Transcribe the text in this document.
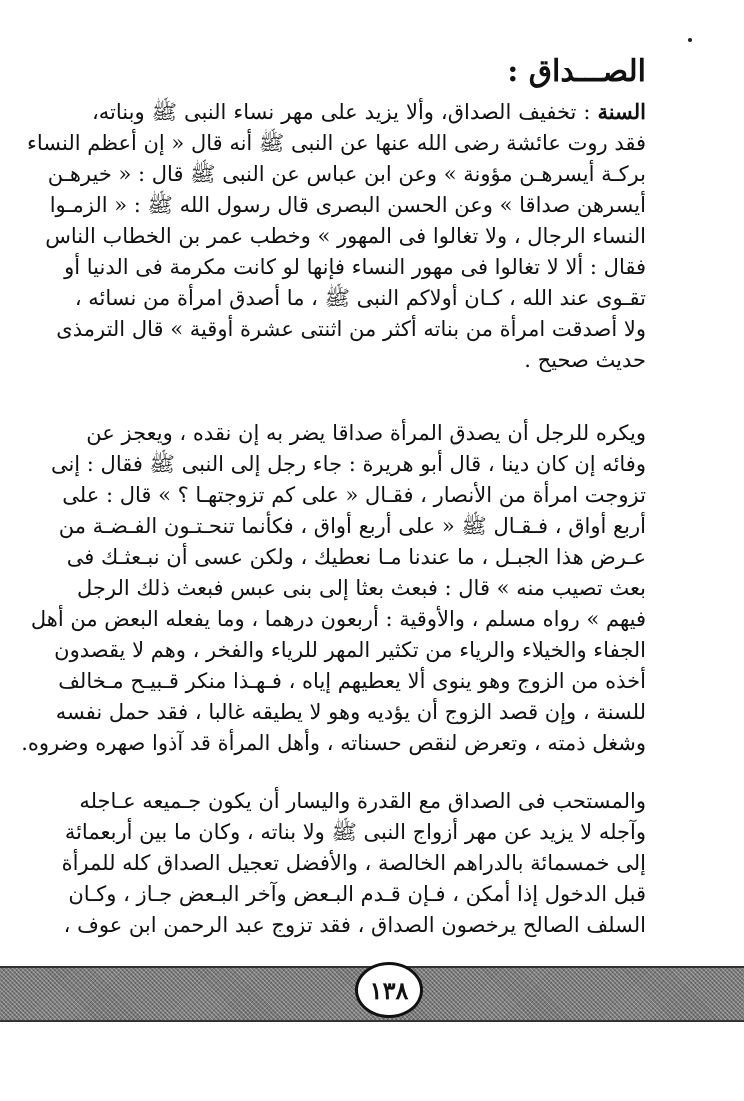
الصـــداق :
السنة : تخفيف الصداق، وألا يزيد على مهر نساء النبى ﷺ وبناته،
فقد روت عائشة رضى الله عنها عن النبى ﷺ أنه قال « إن أعظم النساء
بركـة أيسرهـن مؤونة » وعن ابن عباس عن النبى ﷺ قال : « خيرهـن
أيسرهن صداقا » وعن الحسن البصرى قال رسول الله ﷺ : « الزمـوا
النساء الرجال ، ولا تغالوا فى المهور » وخطب عمر بن الخطاب الناس
فقال : ألا لا تغالوا فى مهور النساء فإنها لو كانت مكرمة فى الدنيا أو
تقـوى عند الله ، كـان أولاكم النبى ﷺ ، ما أصدق امرأة من نسائه ،
ولا أصدقت امرأة من بناته أكثر من اثنتى عشرة أوقية » قال الترمذى
حديث صحيح .
ويكره للرجل أن يصدق المرأة صداقا يضر به إن نقده ، ويعجز عن
وفائه إن كان دينا ، قال أبو هريرة : جاء رجل إلى النبى ﷺ فقال : إنى
تزوجت امرأة من الأنصار ، فقـال « على كم تزوجتهـا ؟ » قال : على
أربع أواق ، فـقـال ﷺ « على أربع أواق ، فكأنما تنحـتـون الفـضـة من
عـرض هذا الجبـل ، ما عندنا مـا نعطيك ، ولكن عسى أن نبـعثـك فى
بعث تصيب منه » قال : فبعث بعثا إلى بنى عبس فبعث ذلك الرجل
فيهم » رواه مسلم ، والأوقية : أربعون درهما ، وما يفعله البعض من أهل
الجفاء والخيلاء والرياء من تكثير المهر للرياء والفخر ، وهم لا يقصدون
أخذه من الزوج وهو ينوى ألا يعطيهم إياه ، فـهـذا منكر قـبيـح مـخالف
للسنة ، وإن قصد الزوج أن يؤديه وهو لا يطيقه غالبا ، فقد حمل نفسه
وشغل ذمته ، وتعرض لنقص حسناته ، وأهل المرأة قد آذوا صهره وضروه.
والمستحب فى الصداق مع القدرة واليسار أن يكون جـميعه عـاجله
وآجله لا يزيد عن مهر أزواج النبى ﷺ ولا بناته ، وكان ما بين أربعمائة
إلى خمسمائة بالدراهم الخالصة ، والأفضل تعجيل الصداق كله للمرأة
قبل الدخول إذا أمكن ، فـإن قـدم البـعض وآخر البـعض جـاز ، وكـان
السلف الصالح يرخصون الصداق ، فقد تزوج عبد الرحمن ابن عوف ،
١٣٨
